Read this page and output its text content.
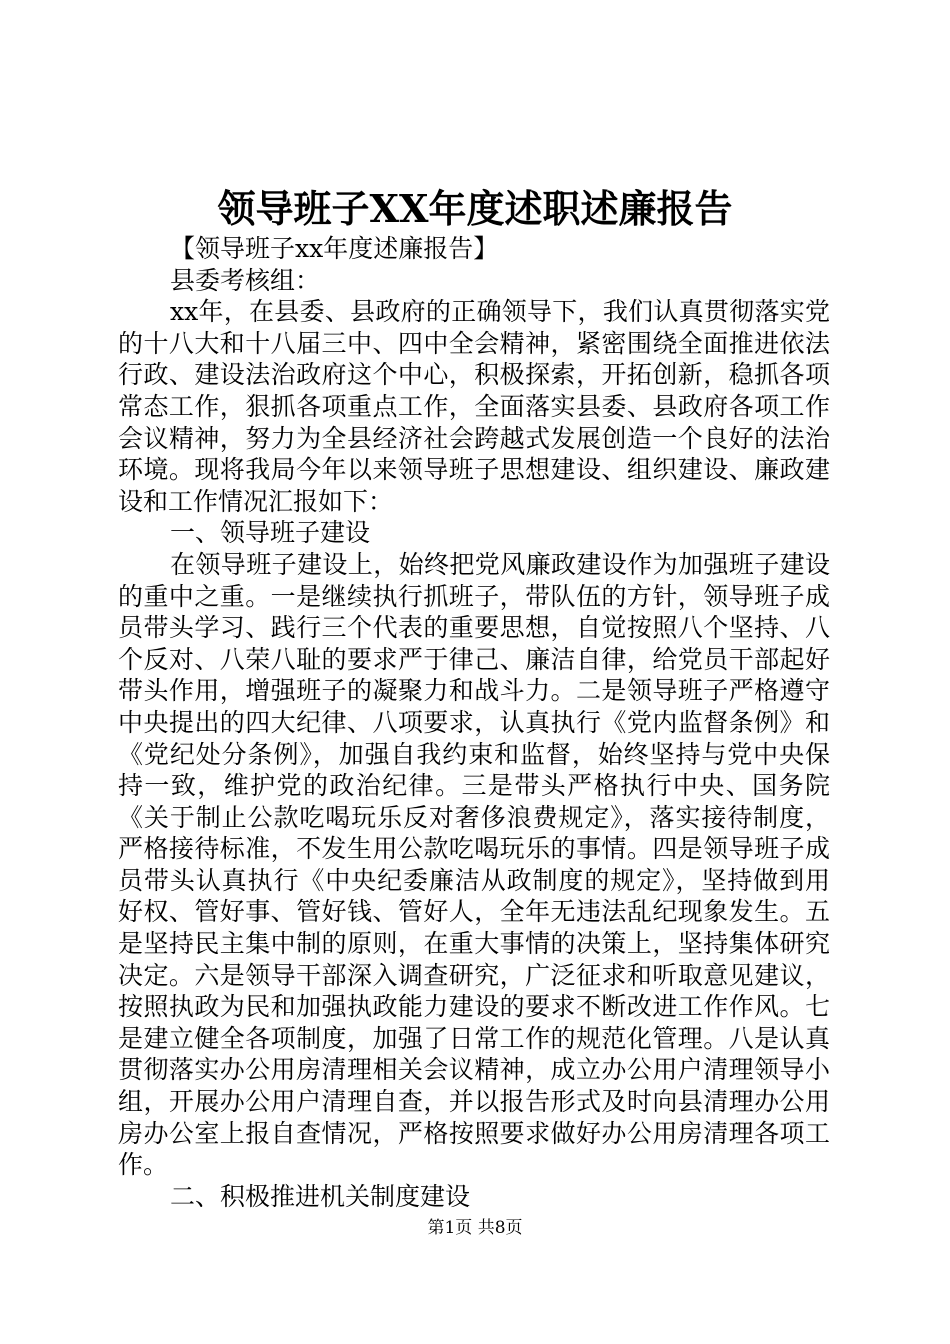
领导班子XX年度述职述廉报告

【领导班子xx年度述廉报告】

县委考核组：

xx年，在县委、县政府的正确领导下，我们认真贯彻落实党的十八大和十八届三中、四中全会精神，紧密围绕全面推进依法行政、建设法治政府这个中心，积极探索，开拓创新，稳抓各项常态工作，狠抓各项重点工作，全面落实县委、县政府各项工作会议精神，努力为全县经济社会跨越式发展创造一个良好的法治环境。现将我局今年以来领导班子思想建设、组织建设、廉政建设和工作情况汇报如下：

一、领导班子建设

在领导班子建设上，始终把党风廉政建设作为加强班子建设的重中之重。一是继续执行抓班子，带队伍的方针，领导班子成员带头学习、践行三个代表的重要思想，自觉按照八个坚持、八个反对、八荣八耻的要求严于律己、廉洁自律，给党员干部起好带头作用，增强班子的凝聚力和战斗力。二是领导班子严格遵守中央提出的四大纪律、八项要求，认真执行《党内监督条例》和《党纪处分条例》，加强自我约束和监督，始终坚持与党中央保持一致，维护党的政治纪律。三是带头严格执行中央、国务院《关于制止公款吃喝玩乐反对奢侈浪费规定》，落实接待制度，严格接待标准，不发生用公款吃喝玩乐的事情。四是领导班子成员带头认真执行《中央纪委廉洁从政制度的规定》，坚持做到用好权、管好事、管好钱、管好人，全年无违法乱纪现象发生。五是坚持民主集中制的原则，在重大事情的决策上，坚持集体研究决定。六是领导干部深入调查研究，广泛征求和听取意见建议，按照执政为民和加强执政能力建设的要求不断改进工作作风。七是建立健全各项制度，加强了日常工作的规范化管理。八是认真贯彻落实办公用房清理相关会议精神，成立办公用户清理领导小组，开展办公用户清理自查，并以报告形式及时向县清理办公用房办公室上报自查情况，严格按照要求做好办公用房清理各项工作。

二、积极推进机关制度建设

第1页 共8页
